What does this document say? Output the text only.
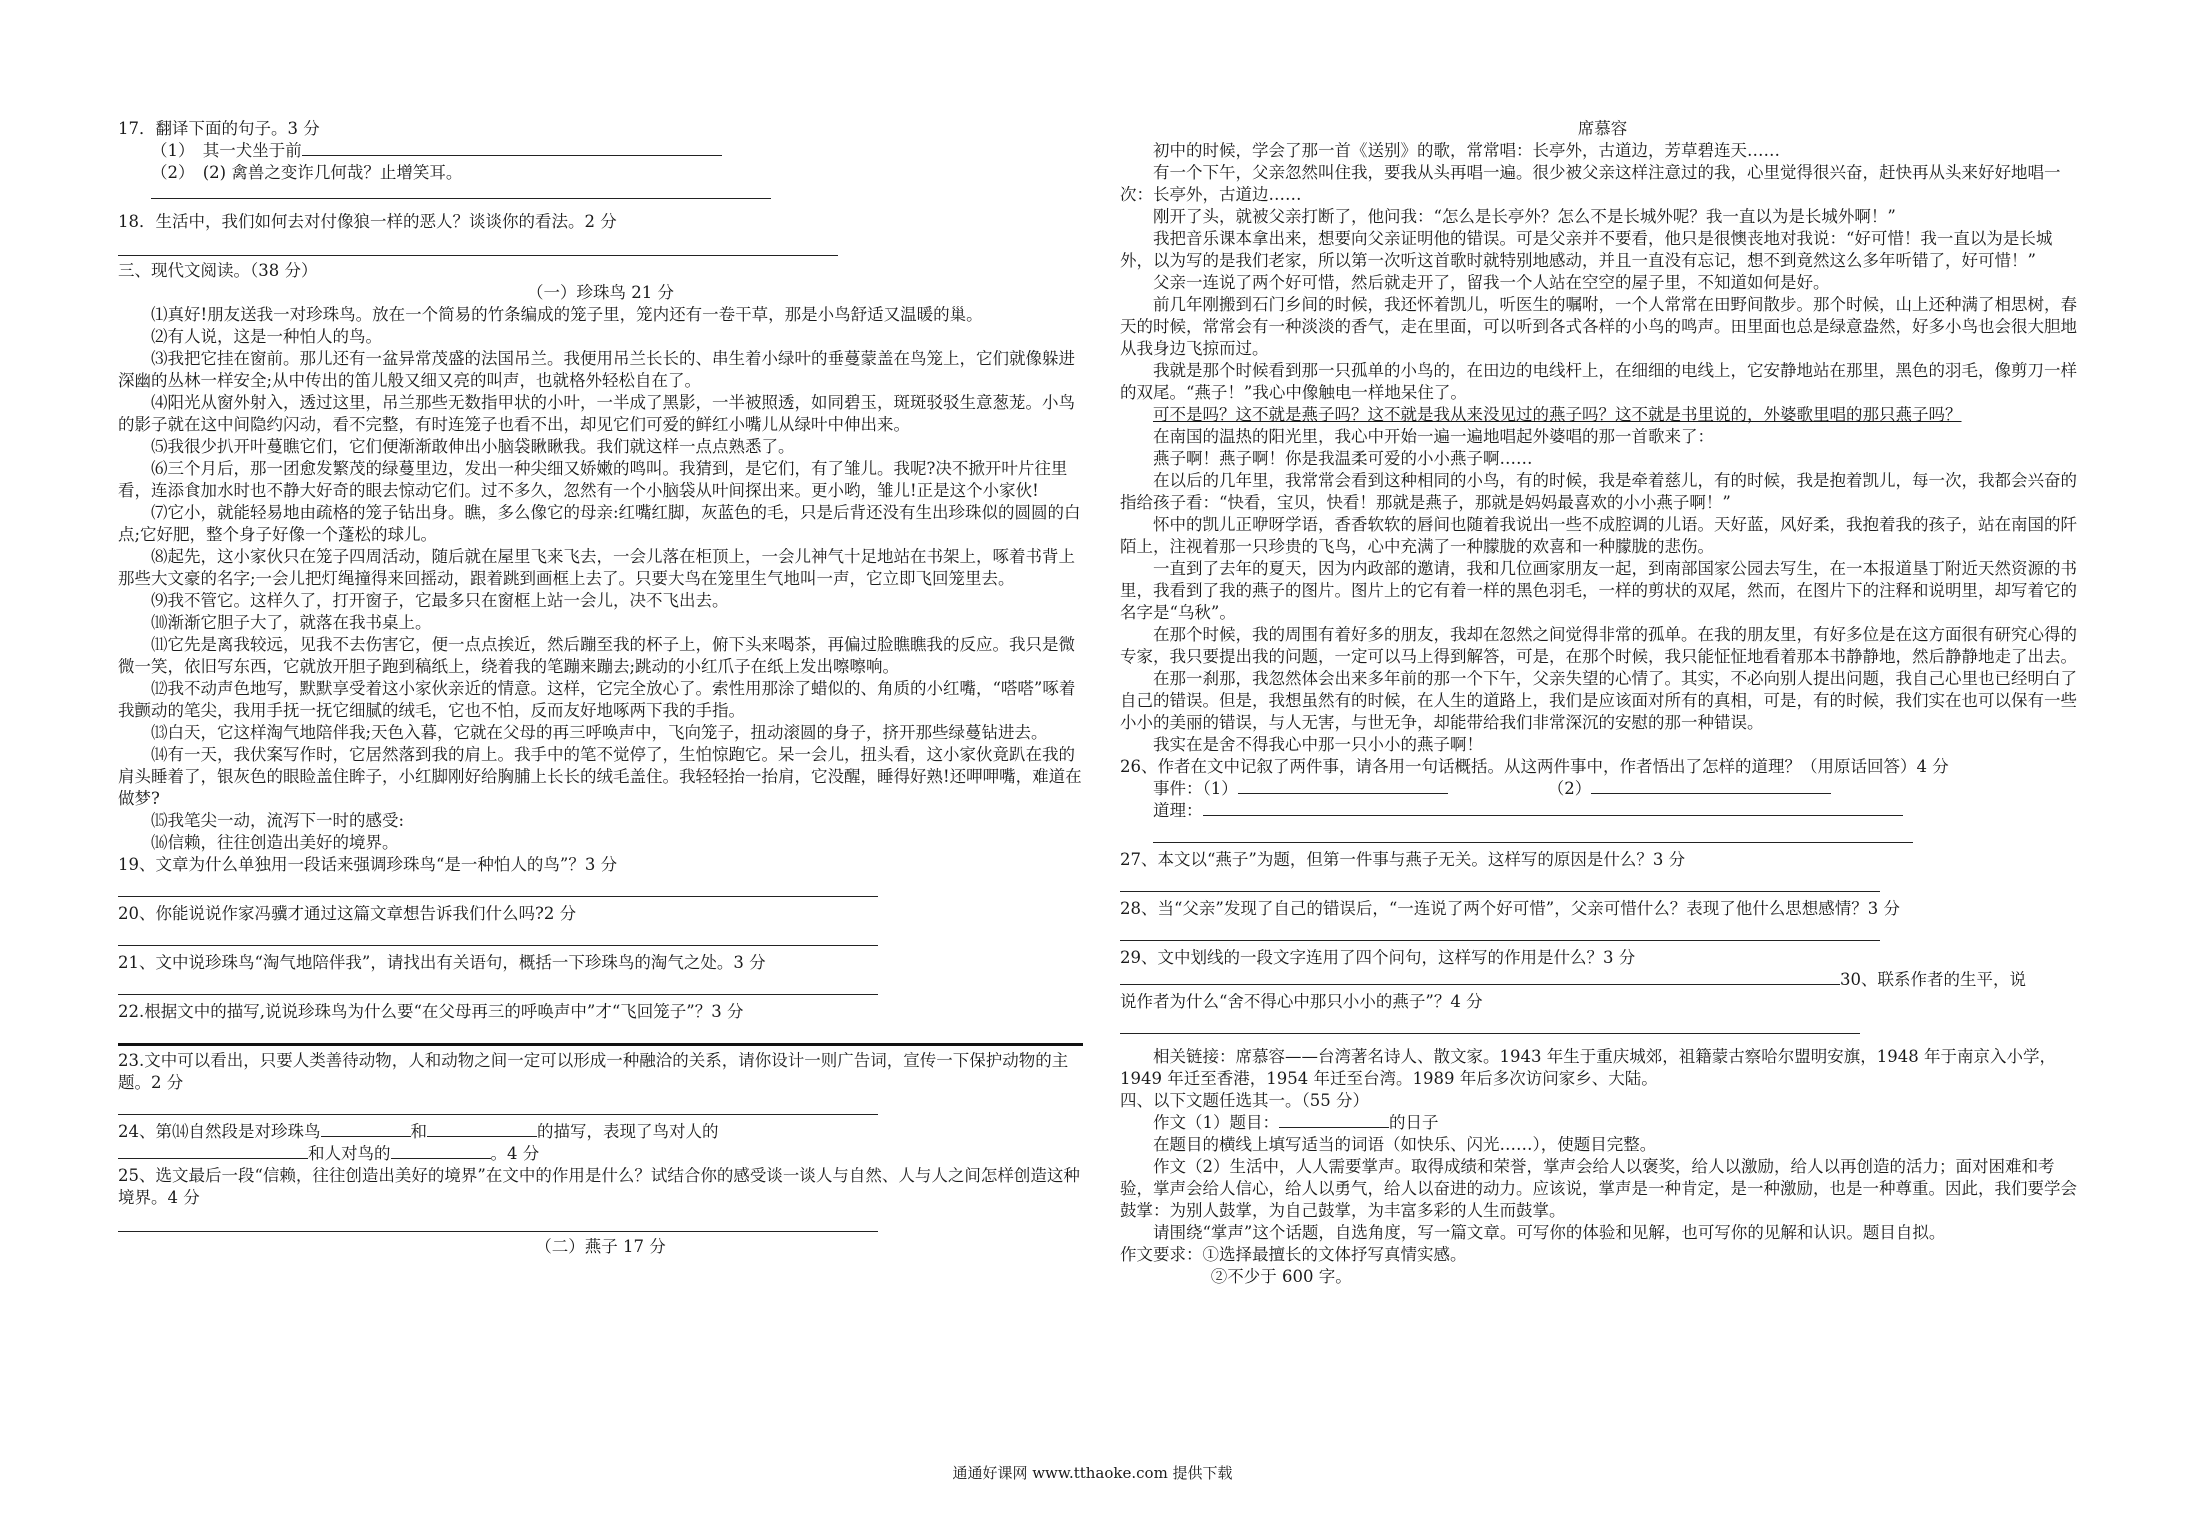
17．翻译下面的句子。3 分

（1）　其一犬坐于前

（2）　(2) 禽兽之变诈几何哉？止增笑耳。

18．生活中，我们如何去对付像狼一样的恶人？谈谈你的看法。2 分

三、现代文阅读。（38 分）

（一）珍珠鸟 21 分

⑴真好!朋友送我一对珍珠鸟。放在一个简易的竹条编成的笼子里，笼内还有一卷干草，那是小鸟舒适又温暖的巢。

⑵有人说，这是一种怕人的鸟。

⑶我把它挂在窗前。那儿还有一盆异常茂盛的法国吊兰。我便用吊兰长长的、串生着小绿叶的垂蔓蒙盖在鸟笼上，它们就像躲进深幽的丛林一样安全;从中传出的笛儿般又细又亮的叫声，也就格外轻松自在了。

⑷阳光从窗外射入，透过这里，吊兰那些无数指甲状的小叶，一半成了黑影，一半被照透，如同碧玉，斑斑驳驳生意葱茏。小鸟的影子就在这中间隐约闪动，看不完整，有时连笼子也看不出，却见它们可爱的鲜红小嘴儿从绿叶中伸出来。

⑸我很少扒开叶蔓瞧它们，它们便渐渐敢伸出小脑袋瞅瞅我。我们就这样一点点熟悉了。

⑹三个月后，那一团愈发繁茂的绿蔓里边，发出一种尖细又娇嫩的鸣叫。我猜到，是它们，有了雏儿。我呢?决不掀开叶片往里看，连添食加水时也不静大好奇的眼去惊动它们。过不多久，忽然有一个小脑袋从叶间探出来。更小哟，雏儿!正是这个小家伙!

⑺它小，就能轻易地由疏格的笼子钻出身。瞧，多么像它的母亲:红嘴红脚，灰蓝色的毛，只是后背还没有生出珍珠似的圆圆的白点;它好肥，整个身子好像一个蓬松的球儿。

⑻起先，这小家伙只在笼子四周活动，随后就在屋里飞来飞去，一会儿落在柜顶上，一会儿神气十足地站在书架上，啄着书背上那些大文豪的名字;一会儿把灯绳撞得来回摇动，跟着跳到画框上去了。只要大鸟在笼里生气地叫一声，它立即飞回笼里去。

⑼我不管它。这样久了，打开窗子，它最多只在窗框上站一会儿，决不飞出去。

⑽渐渐它胆子大了，就落在我书桌上。

⑾它先是离我较远，见我不去伤害它，便一点点挨近，然后蹦至我的杯子上，俯下头来喝茶，再偏过脸瞧瞧我的反应。我只是微微一笑，依旧写东西，它就放开胆子跑到稿纸上，绕着我的笔蹦来蹦去;跳动的小红爪子在纸上发出嚓嚓响。

⑿我不动声色地写，默默享受着这小家伙亲近的情意。这样，它完全放心了。索性用那涂了蜡似的、角质的小红嘴，“嗒嗒”啄着我颤动的笔尖，我用手抚一抚它细腻的绒毛，它也不怕，反而友好地啄两下我的手指。

⒀白天，它这样淘气地陪伴我;天色入暮，它就在父母的再三呼唤声中，飞向笼子，扭动滚圆的身子，挤开那些绿蔓钻进去。

⒁有一天，我伏案写作时，它居然落到我的肩上。我手中的笔不觉停了，生怕惊跑它。呆一会儿，扭头看，这小家伙竟趴在我的肩头睡着了，银灰色的眼睑盖住眸子，小红脚刚好给胸脯上长长的绒毛盖住。我轻轻抬一抬肩，它没醒，睡得好熟!还呷呷嘴，难道在做梦?

⒂我笔尖一动，流泻下一时的感受:

⒃信赖，往往创造出美好的境界。

19、文章为什么单独用一段话来强调珍珠鸟“是一种怕人的鸟”？3 分

20、你能说说作家冯骥才通过这篇文章想告诉我们什么吗?2 分

21、文中说珍珠鸟“淘气地陪伴我”，请找出有关语句，概括一下珍珠鸟的淘气之处。3 分

22.根据文中的描写,说说珍珠鸟为什么要“在父母再三的呼唤声中”才“飞回笼子”？3 分

23.文中可以看出，只要人类善待动物，人和动物之间一定可以形成一种融洽的关系，请你设计一则广告词，宣传一下保护动物的主题。2 分

24、第⒁自然段是对珍珠鸟	和	的描写，表现了鸟对人的
和人对鸟的	。4 分

25、选文最后一段“信赖，往往创造出美好的境界”在文中的作用是什么？试结合你的感受谈一谈人与自然、人与人之间怎样创造这种境界。4 分

（二）燕子 17 分

席慕容

初中的时候，学会了那一首《送别》的歌，常常唱：长亭外，古道边，芳草碧连天……

有一个下午，父亲忽然叫住我，要我从头再唱一遍。很少被父亲这样注意过的我，心里觉得很兴奋，赶快再从头来好好地唱一次：长亭外，古道边……

刚开了头，就被父亲打断了，他问我：“怎么是长亭外？怎么不是长城外呢？我一直以为是长城外啊！”

我把音乐课本拿出来，想要向父亲证明他的错误。可是父亲并不要看，他只是很懊丧地对我说：“好可惜！我一直以为是长城外，以为写的是我们老家，所以第一次听这首歌时就特别地感动，并且一直没有忘记，想不到竟然这么多年听错了，好可惜！”

父亲一连说了两个好可惜，然后就走开了，留我一个人站在空空的屋子里，不知道如何是好。

前几年刚搬到石门乡间的时候，我还怀着凯儿，听医生的嘱咐，一个人常常在田野间散步。那个时候，山上还种满了相思树，春天的时候，常常会有一种淡淡的香气，走在里面，可以听到各式各样的小鸟的鸣声。田里面也总是绿意盎然，好多小鸟也会很大胆地从我身边飞掠而过。

我就是那个时候看到那一只孤单的小鸟的，在田边的电线杆上，在细细的电线上，它安静地站在那里，黑色的羽毛，像剪刀一样的双尾。“燕子！”我心中像触电一样地呆住了。

可不是吗？这不就是燕子吗？这不就是我从来没见过的燕子吗？这不就是书里说的，外婆歌里唱的那只燕子吗？

在南国的温热的阳光里，我心中开始一遍一遍地唱起外婆唱的那一首歌来了：

燕子啊！燕子啊！你是我温柔可爱的小小燕子啊……

在以后的几年里，我常常会看到这种相同的小鸟，有的时候，我是牵着慈儿，有的时候，我是抱着凯儿，每一次，我都会兴奋的指给孩子看：“快看，宝贝，快看！那就是燕子，那就是妈妈最喜欢的小小燕子啊！”

怀中的凯儿正咿呀学语，香香软软的唇间也随着我说出一些不成腔调的儿语。天好蓝，风好柔，我抱着我的孩子，站在南国的阡陌上，注视着那一只珍贵的飞鸟，心中充满了一种朦胧的欢喜和一种朦胧的悲伤。

一直到了去年的夏天，因为内政部的邀请，我和几位画家朋友一起，到南部国家公园去写生，在一本报道垦丁附近天然资源的书里，我看到了我的燕子的图片。图片上的它有着一样的黑色羽毛，一样的剪状的双尾，然而，在图片下的注释和说明里，却写着它的名字是“乌秋”。

在那个时候，我的周围有着好多的朋友，我却在忽然之间觉得非常的孤单。在我的朋友里，有好多位是在这方面很有研究心得的专家，我只要提出我的问题，一定可以马上得到解答，可是，在那个时候，我只能怔怔地看着那本书静静地，然后静静地走了出去。

在那一刹那，我忽然体会出来多年前的那一个下午，父亲失望的心情了。其实，不必向别人提出问题，我自己心里也已经明白了自己的错误。但是，我想虽然有的时候，在人生的道路上，我们是应该面对所有的真相，可是，有的时候，我们实在也可以保有一些小小的美丽的错误，与人无害，与世无争，却能带给我们非常深沉的安慰的那一种错误。

我实在是舍不得我心中那一只小小的燕子啊！

26、作者在文中记叙了两件事，请各用一句话概括。从这两件事中，作者悟出了怎样的道理？（用原话回答）4 分

事件：（1）	（2）

道理：

27、本文以“燕子”为题，但第一件事与燕子无关。这样写的原因是什么？3 分

28、当“父亲”发现了自己的错误后，“一连说了两个好可惜”，父亲可惜什么？表现了他什么思想感情？3 分

29、文中划线的一段文字连用了四个问句，这样写的作用是什么？3 分

30、联系作者的生平，说

说作者为什么“舍不得心中那只小小的燕子”？4 分

相关链接：席慕容——台湾著名诗人、散文家。1943 年生于重庆城郊，祖籍蒙古察哈尔盟明安旗，1948 年于南京入小学，1949 年迁至香港，1954 年迁至台湾。1989 年后多次访问家乡、大陆。

四、以下文题任选其一。（55 分）

作文（1）题目：	的日子

在题目的横线上填写适当的词语（如快乐、闪光……），使题目完整。

作文（2）生活中，人人需要掌声。取得成绩和荣誉，掌声会给人以褒奖，给人以激励，给人以再创造的活力；面对困难和考验，掌声会给人信心，给人以勇气，给人以奋进的动力。应该说，掌声是一种肯定，是一种激励，也是一种尊重。因此，我们要学会鼓掌：为别人鼓掌，为自己鼓掌，为丰富多彩的人生而鼓掌。

请围绕“掌声”这个话题，自选角度，写一篇文章。可写你的体验和见解，也可写你的见解和认识。题目自拟。

作文要求：①选择最擅长的文体抒写真情实感。

②不少于 600 字。

通通好课网 www.tthaoke.com 提供下载
